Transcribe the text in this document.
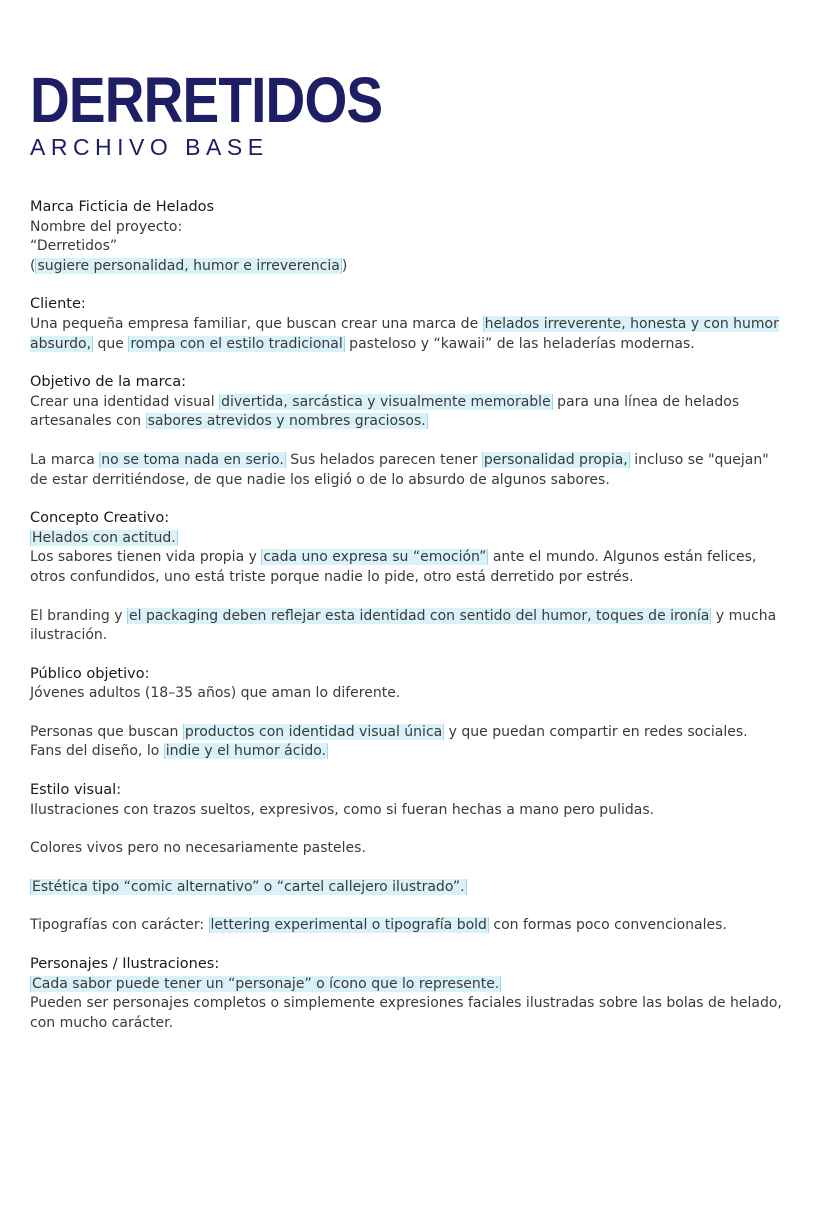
DERRETIDOS
ARCHIVO BASE
Marca Ficticia de Helados
Nombre del proyecto:
“Derretidos”
( sugiere personalidad, humor e irreverencia )
Cliente:
Una pequeña empresa familiar, que buscan crear una marca de helados irreverente, honesta y con humor absurdo, que rompa con el estilo tradicional pasteloso y “kawaii” de las heladerías modernas.
Objetivo de la marca:
Crear una identidad visual divertida, sarcástica y visualmente memorable para una línea de helados artesanales con sabores atrevidos y nombres graciosos.
La marca no se toma nada en serio. Sus helados parecen tener personalidad propia, incluso se "quejan" de estar derritiéndose, de que nadie los eligió o de lo absurdo de algunos sabores.
Concepto Creativo:
Helados con actitud.
Los sabores tienen vida propia y cada uno expresa su “emoción” ante el mundo. Algunos están felices, otros confundidos, uno está triste porque nadie lo pide, otro está derretido por estrés.
El branding y el packaging deben reflejar esta identidad con sentido del humor, toques de ironía y mucha ilustración.
Público objetivo:
Jóvenes adultos (18–35 años) que aman lo diferente.
Personas que buscan productos con identidad visual única y que puedan compartir en redes sociales.
Fans del diseño, lo indie y el humor ácido.
Estilo visual:
Ilustraciones con trazos sueltos, expresivos, como si fueran hechas a mano pero pulidas.
Colores vivos pero no necesariamente pasteles.
Estética tipo “comic alternativo” o “cartel callejero ilustrado”.
Tipografías con carácter: lettering experimental o tipografía bold con formas poco convencionales.
Personajes / Ilustraciones:
Cada sabor puede tener un “personaje” o ícono que lo represente.
Pueden ser personajes completos o simplemente expresiones faciales ilustradas sobre las bolas de helado, con mucho carácter.
